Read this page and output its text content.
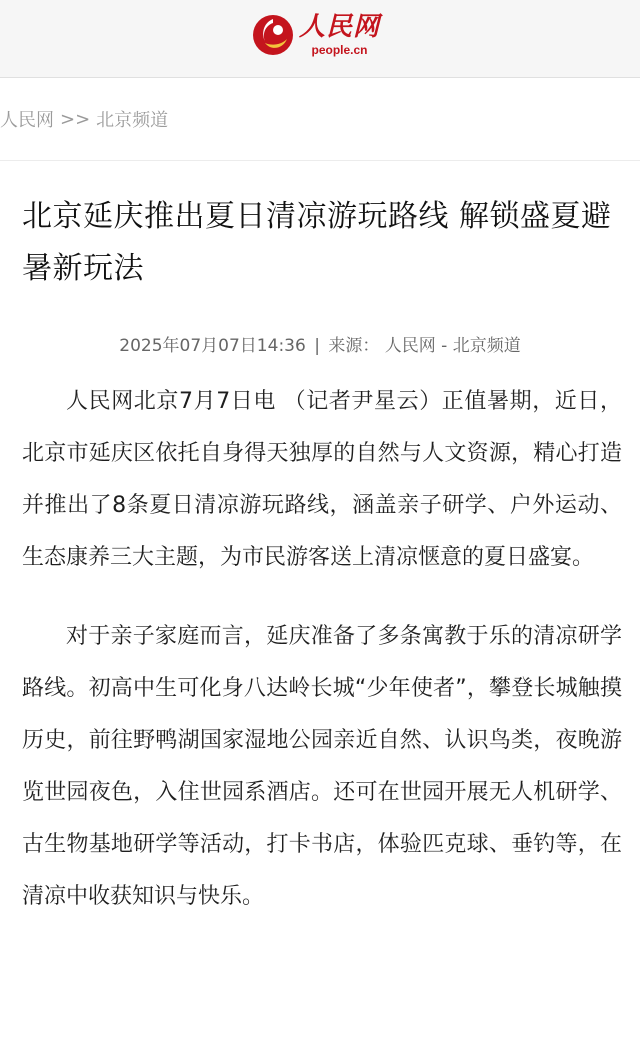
人民网
people.cn
人民网 >> 北京频道
北京延庆推出夏日清凉游玩路线 解锁盛夏避暑新玩法
2025年07月07日14:36 | 来源： 人民网 - 北京频道

人民网北京7月7日电 （记者尹星云）正值暑期，近日，北京市延庆区依托自身得天独厚的自然与人文资源，精心打造并推出了8条夏日清凉游玩路线，涵盖亲子研学、户外运动、生态康养三大主题，为市民游客送上清凉惬意的夏日盛宴。

对于亲子家庭而言，延庆准备了多条寓教于乐的清凉研学路线。初高中生可化身八达岭长城“少年使者”，攀登长城触摸历史，前往野鸭湖国家湿地公园亲近自然、认识鸟类，夜晚游览世园夜色，入住世园系酒店。还可在世园开展无人机研学、古生物基地研学等活动，打卡书店，体验匹克球、垂钓等，在清凉中收获知识与快乐。
